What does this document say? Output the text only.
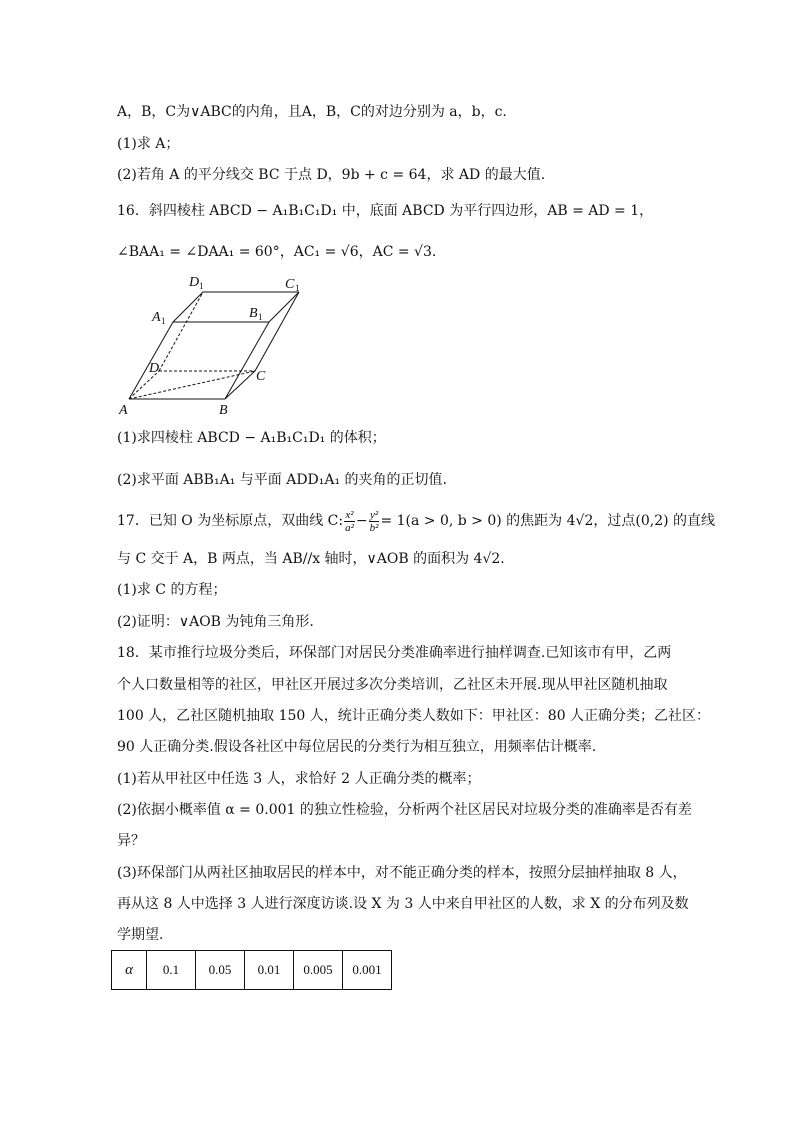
A，B，C为∨ABC的内角，且A，B，C的对边分别为 a，b，c.
(1)求 A；
(2)若角 A 的平分线交 BC 于点 D，9b + c = 64，求 AD 的最大值.
16．斜四棱柱 ABCD − A₁B₁C₁D₁ 中，底面 ABCD 为平行四边形，AB = AD = 1，
∠BAA₁ = ∠DAA₁ = 60°，AC₁ = √6，AC = √3.
A	B
C
D
A 1	B 1
C 1
D 1
(1)求四棱柱 ABCD − A₁B₁C₁D₁ 的体积；
(2)求平面 ABB₁A₁ 与平面 ADD₁A₁ 的夹角的正切值.
17．已知 O 为坐标原点，双曲线 C: $\frac{\text{x²}}{\text{a²}} - \frac{\text{y²}}{\text{b²}} = 1(a > 0$, b > 0) 的焦距为 4√2，过点(0,2) 的直线
与 C 交于 A，B 两点，当 AB//x 轴时，∨AOB 的面积为 4√2.
(1)求 C 的方程；
(2)证明：∨AOB 为钝角三角形.
18．某市推行垃圾分类后，环保部门对居民分类准确率进行抽样调查.已知该市有甲，乙两
个人口数量相等的社区，甲社区开展过多次分类培训，乙社区未开展.现从甲社区随机抽取
100 人，乙社区随机抽取 150 人，统计正确分类人数如下：甲社区：80 人正确分类；乙社区：
90 人正确分类.假设各社区中每位居民的分类行为相互独立，用频率估计概率.
(1)若从甲社区中任选 3 人，求恰好 2 人正确分类的概率；
(2)依据小概率值 α = 0.001 的独立性检验，分析两个社区居民对垃圾分类的准确率是否有差
异？
(3)环保部门从两社区抽取居民的样本中，对不能正确分类的样本，按照分层抽样抽取 8 人，
再从这 8 人中选择 3 人进行深度访谈.设 X 为 3 人中来自甲社区的人数，求 X 的分布列及数
学期望.
α	0.1	0.05	0.01	0.005	0.001
